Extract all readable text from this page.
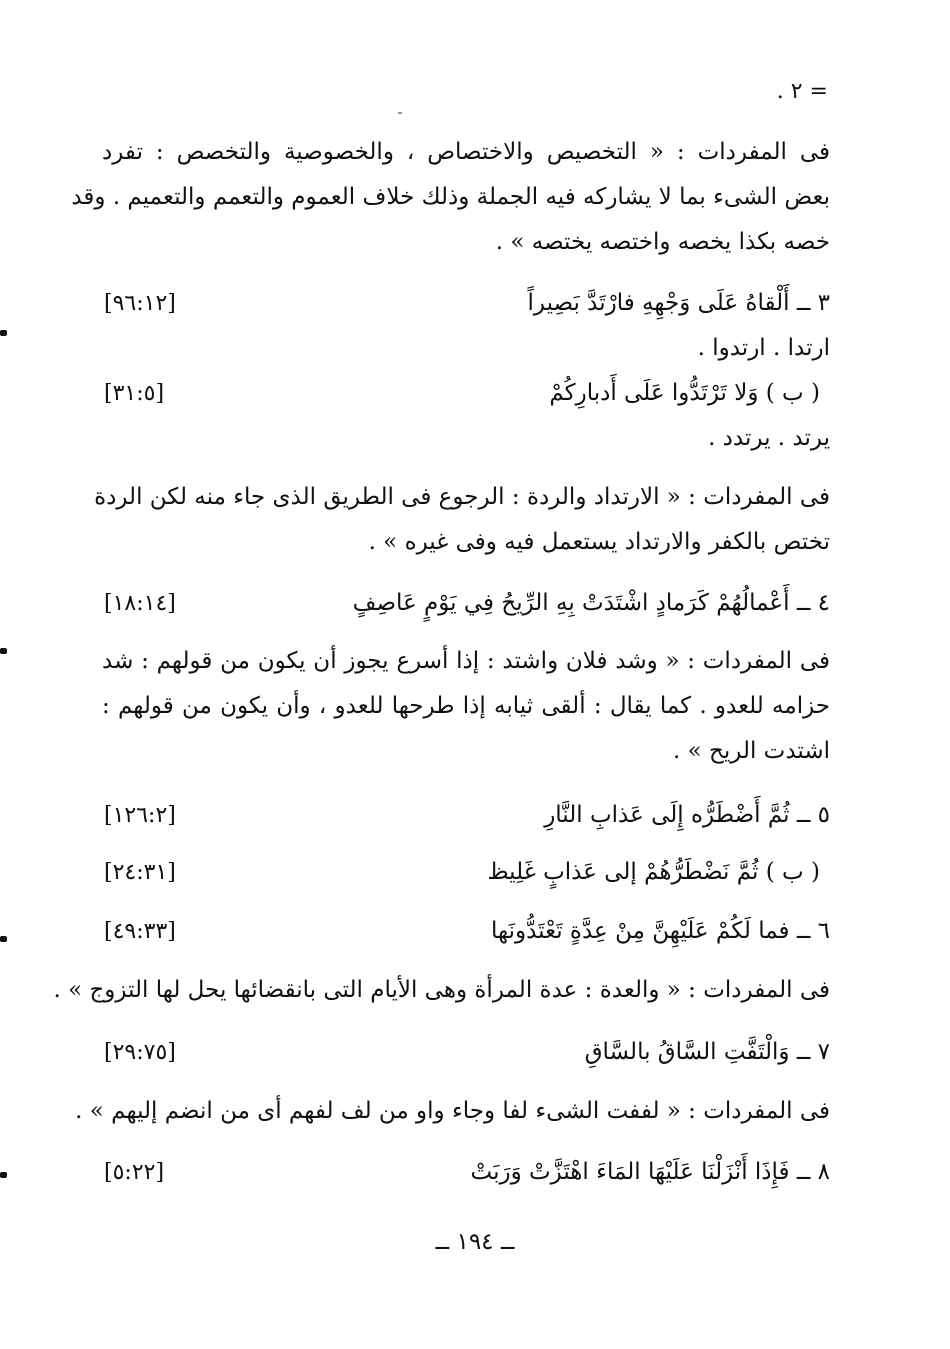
= ٢ .
فى المفردات : « التخصيص والاختصاص ، والخصوصية والتخصص : تفرد
بعض الشىء بما لا يشاركه فيه الجملة وذلك خلاف العموم والتعمم والتعميم . وقد
خصه بكذا يخصه واختصه يختصه » .
٣ ــ أَلْقاهُ عَلَى وَجْهِهِ فارْتَدَّ بَصِيراً
[٩٦:١٢]
ارتدا . ارتدوا .
( ب ) وَلا تَرْتَدُّوا عَلَى أَدبارِكُمْ
[٣١:٥]
يرتد . يرتدد .
فى المفردات : « الارتداد والردة : الرجوع فى الطريق الذى جاء منه لكن الردة
تختص بالكفر والارتداد يستعمل فيه وفى غيره » .
٤ ــ أَعْمالُهُمْ كَرَمادٍ اشْتَدَتْ بِهِ الرِّيحُ فِي يَوْمٍ عَاصِفٍ
[١٨:١٤]
فى المفردات : « وشد فلان واشتد : إذا أسرع يجوز أن يكون من قولهم : شد
حزامه للعدو . كما يقال : ألقى ثيابه إذا طرحها للعدو ، وأن يكون من قولهم :
اشتدت الريح » .
٥ ــ ثُمَّ أَضْطَرُّه إِلَى عَذابِ النَّارِ
[١٢٦:٢]
( ب ) ثُمَّ نَضْطَرُّهُمْ إلى عَذابٍ غَلِيظ
[٢٤:٣١]
٦ ــ فما لَكُمْ عَلَيْهِنَّ مِنْ عِدَّةٍ تَعْتَدُّونَها
[٤٩:٣٣]
فى المفردات : « والعدة : عدة المرأة وهى الأيام التى بانقضائها يحل لها التزوج » .
٧ ــ وَالْتَفَّتِ السَّاقُ بالسَّاقِ
[٢٩:٧٥]
فى المفردات : « لففت الشىء لفا وجاء واو من لف لفهم أى من انضم إليهم » .
٨ ــ فَإِذَا أَنْزَلْنَا عَلَيْهَا المَاءَ اهْتَزَّتْ وَرَبَتْ
[٥:٢٢]
ــ ١٩٤ ــ
